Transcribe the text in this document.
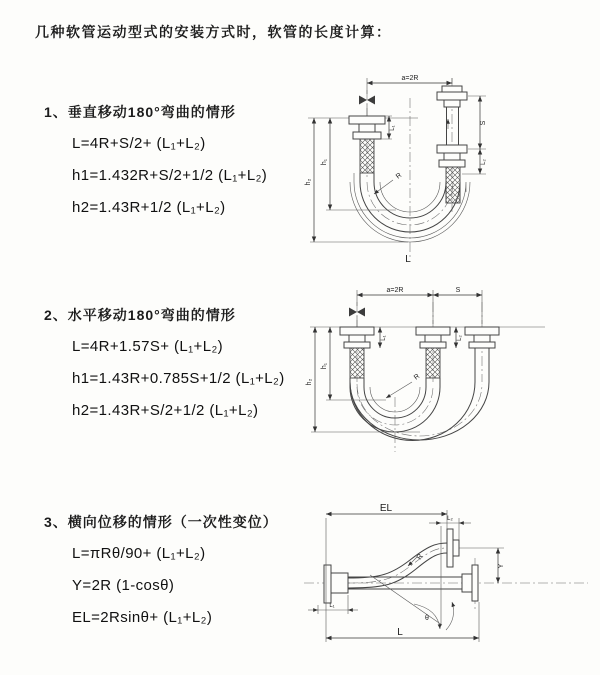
几种软管运动型式的安装方式时，软管的长度计算：
1、垂直移动180°弯曲的情形
L=4R+S/2+ (L₁+L₂)
h1=1.432R+S/2+1/2 (L₁+L₂)
h2=1.43R+1/2 (L₁+L₂)
2、水平移动180°弯曲的情形
L=4R+1.57S+ (L₁+L₂)
h1=1.43R+0.785S+1/2 (L₁+L₂)
h2=1.43R+S/2+1/2 (L₁+L₂)
3、横向位移的情形（一次性变位）
L=πRθ/90+ (L₁+L₂)
Y=2R (1-cosθ)
EL=2Rsinθ+ (L₁+L₂)
a=2R
h₁
h₂
S
L₂
L₁
R
L
a=2R	S
L₁	L₂
h₁
h₂
R
θ
R
EL
L₂
Y
L
L₁
